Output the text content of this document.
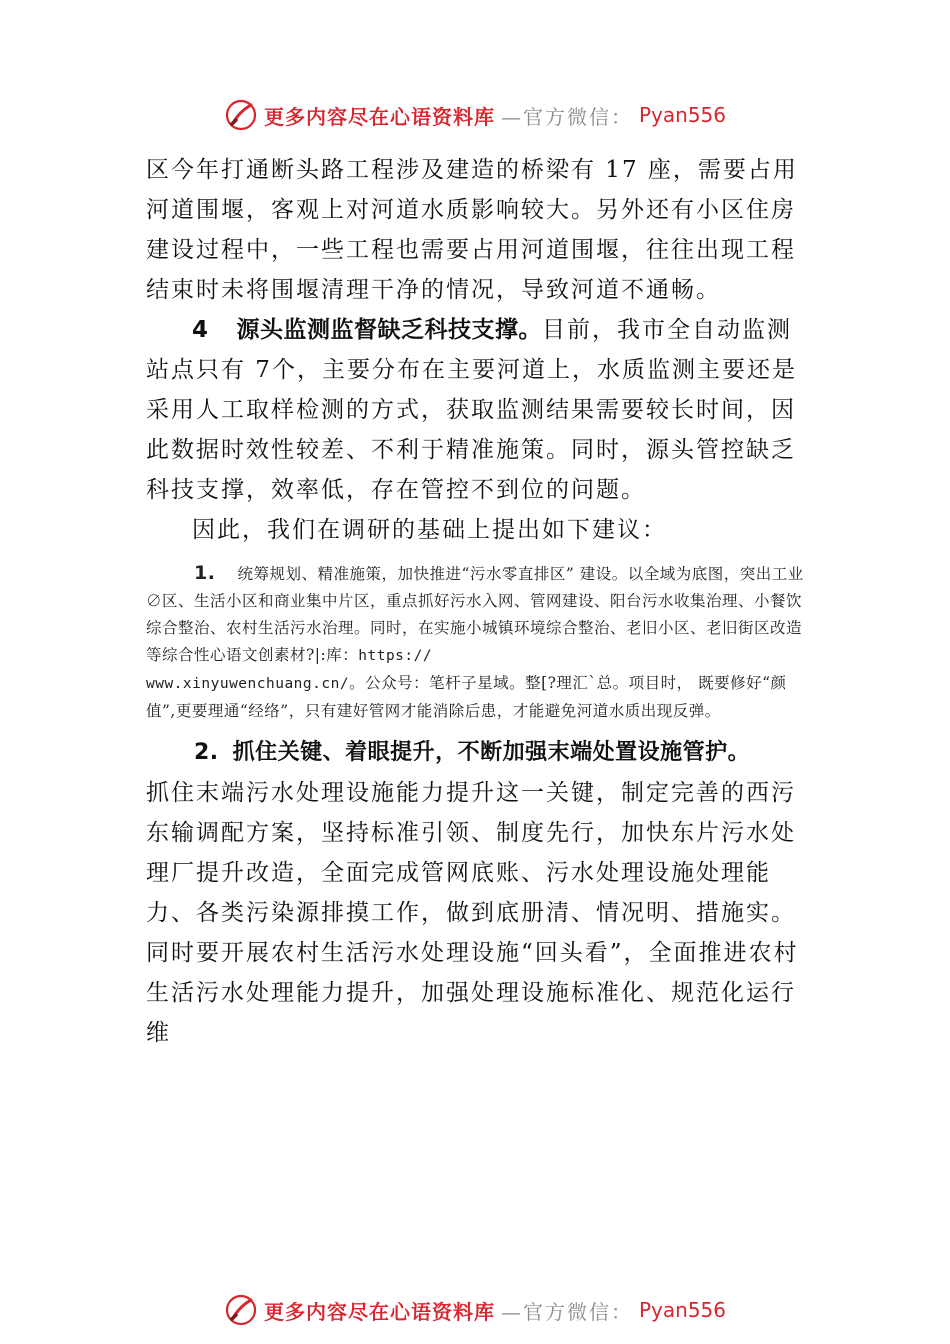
更多内容尽在心语资料库 —官方微信： Pyan556

区今年打通断头路工程涉及建造的桥梁有 17 座，需要占用河道围堰，客观上对河道水质影响较大。另外还有小区住房建设过程中，一些工程也需要占用河道围堰，往往出现工程结束时未将围堰清理干净的情况，导致河道不通畅。

4 源头监测监督缺乏科技支撑。目前，我市全自动监测站点只有 7个，主要分布在主要河道上，水质监测主要还是采用人工取样检测的方式，获取监测结果需要较长时间，因此数据时效性较差、不利于精准施策。同时，源头管控缺乏科技支撑，效率低，存在管控不到位的问题。

因此，我们在调研的基础上提出如下建议：

1. 统筹规划、精准施策，加快推进“污水零直排区” 建设。以全域为底图，突出工业∅区、生活小区和商业集中片区，重点抓好污水入网、管网建设、阳台污水收集治理、小餐饮综合整治、农村生活污水治理。同时，在实施小城镇环境综合整治、老旧小区、老旧街区改造等综合性心语文创素材?|:库：https://
www.xinyuwenchuang.cn/。公众号：笔杆子星域。整[?理汇`总。项目时， 既要修好“颜值”,更要理通“经络”，只有建好管网才能消除后患，才能避免河道水质出现反弹。

2. 抓住关键、着眼提升，不断加强末端处置设施管护。

抓住末端污水处理设施能力提升这一关键，制定完善的西污东输调配方案，坚持标准引领、制度先行，加快东片污水处理厂提升改造，全面完成管网底账、污水处理设施处理能力、各类污染源排摸工作，做到底册清、情况明、措施实。同时要开展农村生活污水处理设施“回头看”，全面推进农村生活污水处理能力提升，加强处理设施标准化、规范化运行维

更多内容尽在心语资料库 —官方微信： Pyan556
